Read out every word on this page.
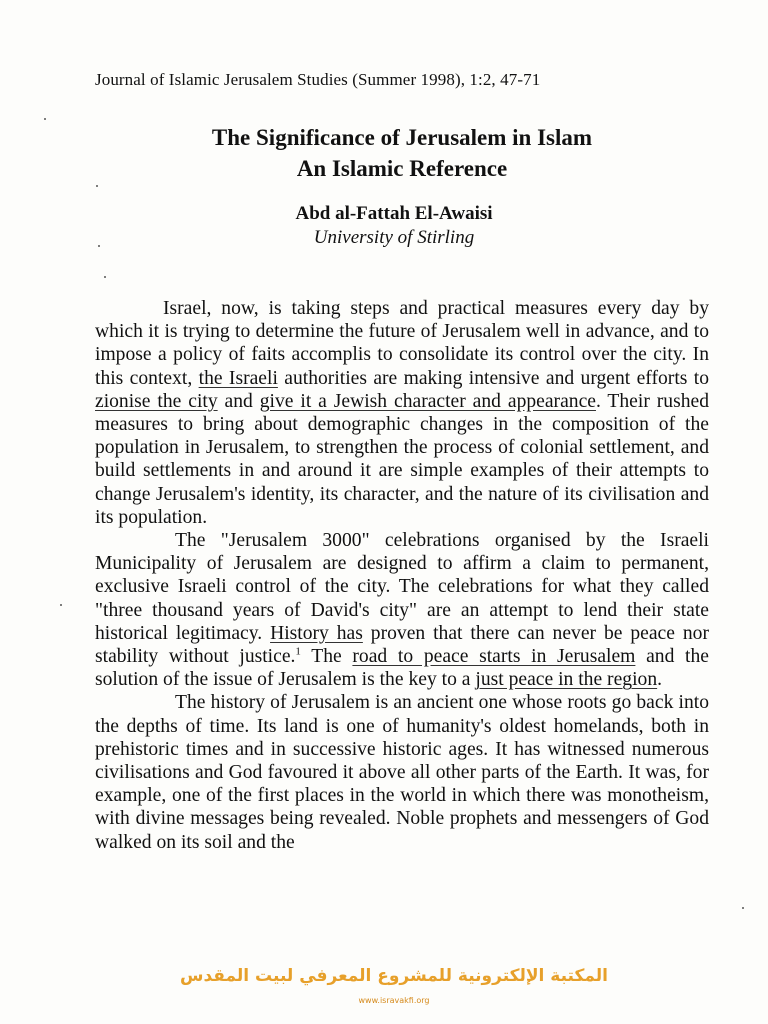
Journal of Islamic Jerusalem Studies (Summer 1998), 1:2, 47-71
The Significance of Jerusalem in Islam
An Islamic Reference
Abd al-Fattah El-Awaisi
University of Stirling

Israel, now, is taking steps and practical measures every day by which it is trying to determine the future of Jerusalem well in advance, and to impose a policy of faits accomplis to consolidate its control over the city. In this context, the Israeli authorities are making intensive and urgent efforts to zionise the city and give it a Jewish character and appearance. Their rushed measures to bring about demographic changes in the composition of the population in Jerusalem, to strengthen the process of colonial settlement, and build settlements in and around it are simple examples of their attempts to change Jerusalem's identity, its character, and the nature of its civilisation and its population.

The "Jerusalem 3000" celebrations organised by the Israeli Municipality of Jerusalem are designed to affirm a claim to permanent, exclusive Israeli control of the city. The celebrations for what they called "three thousand years of David's city" are an attempt to lend their state historical legitimacy. History has proven that there can never be peace nor stability without justice.$^1$ The road to peace starts in Jerusalem and the solution of the issue of Jerusalem is the key to a just peace in the region.

The history of Jerusalem is an ancient one whose roots go back into the depths of time. Its land is one of humanity's oldest homelands, both in prehistoric times and in successive historic ages. It has witnessed numerous civilisations and God favoured it above all other parts of the Earth. It was, for example, one of the first places in the world in which there was monotheism, with divine messages being revealed. Noble prophets and messengers of God walked on its soil and the

المكتبة الإلكترونية للمشروع المعرفي لبيت المقدس
www.isravakfi.org
